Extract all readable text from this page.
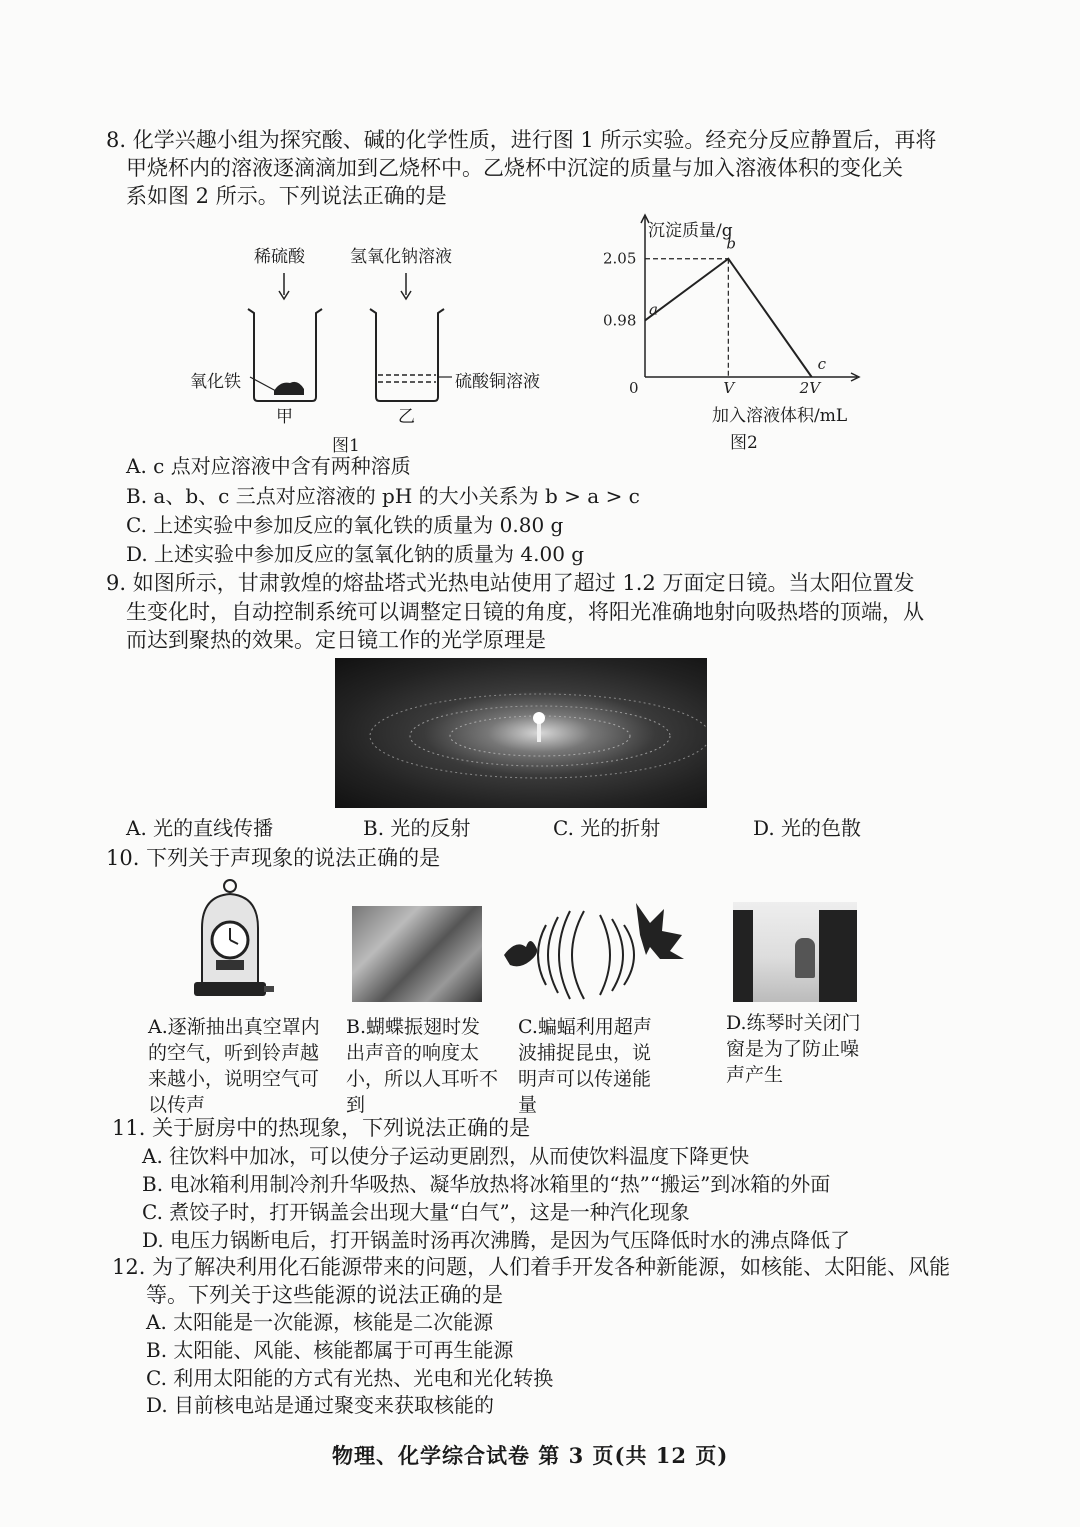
8. 化学兴趣小组为探究酸、碱的化学性质，进行图 1 所示实验。经充分反应静置后，再将
甲烧杯内的溶液逐滴滴加到乙烧杯中。乙烧杯中沉淀的质量与加入溶液体积的变化关
系如图 2 所示。下列说法正确的是
稀硫酸	氢氧化钠溶液
氧化铁	硫酸铜溶液
甲	乙
图1
沉淀质量/g
0
a
b
c
0.98
2.05
V	2V
加入溶液体积/mL
图2
A. c 点对应溶液中含有两种溶质
B. a、b、c 三点对应溶液的 pH 的大小关系为 b > a > c
C. 上述实验中参加反应的氧化铁的质量为 0.80 g
D. 上述实验中参加反应的氢氧化钠的质量为 4.00 g
9. 如图所示，甘肃敦煌的熔盐塔式光热电站使用了超过 1.2 万面定日镜。当太阳位置发
生变化时，自动控制系统可以调整定日镜的角度，将阳光准确地射向吸热塔的顶端，从
而达到聚热的效果。定日镜工作的光学原理是
A. 光的直线传播	B. 光的反射	C. 光的折射	D. 光的色散
10. 下列关于声现象的说法正确的是
A.逐渐抽出真空罩内的空气，听到铃声越来越小，说明空气可以传声
B.蝴蝶振翅时发出声音的响度太小，所以人耳听不到
C.蝙蝠利用超声波捕捉昆虫，说明声可以传递能量
D.练琴时关闭门窗是为了防止噪声产生
11. 关于厨房中的热现象，下列说法正确的是
A. 往饮料中加冰，可以使分子运动更剧烈，从而使饮料温度下降更快
B. 电冰箱利用制冷剂升华吸热、凝华放热将冰箱里的“热”“搬运”到冰箱的外面
C. 煮饺子时，打开锅盖会出现大量“白气”，这是一种汽化现象
D. 电压力锅断电后，打开锅盖时汤再次沸腾，是因为气压降低时水的沸点降低了
12. 为了解决利用化石能源带来的问题，人们着手开发各种新能源，如核能、太阳能、风能
等。下列关于这些能源的说法正确的是
A. 太阳能是一次能源，核能是二次能源
B. 太阳能、风能、核能都属于可再生能源
C. 利用太阳能的方式有光热、光电和光化转换
D. 目前核电站是通过聚变来获取核能的
物理、化学综合试卷 第 3 页(共 12 页)
